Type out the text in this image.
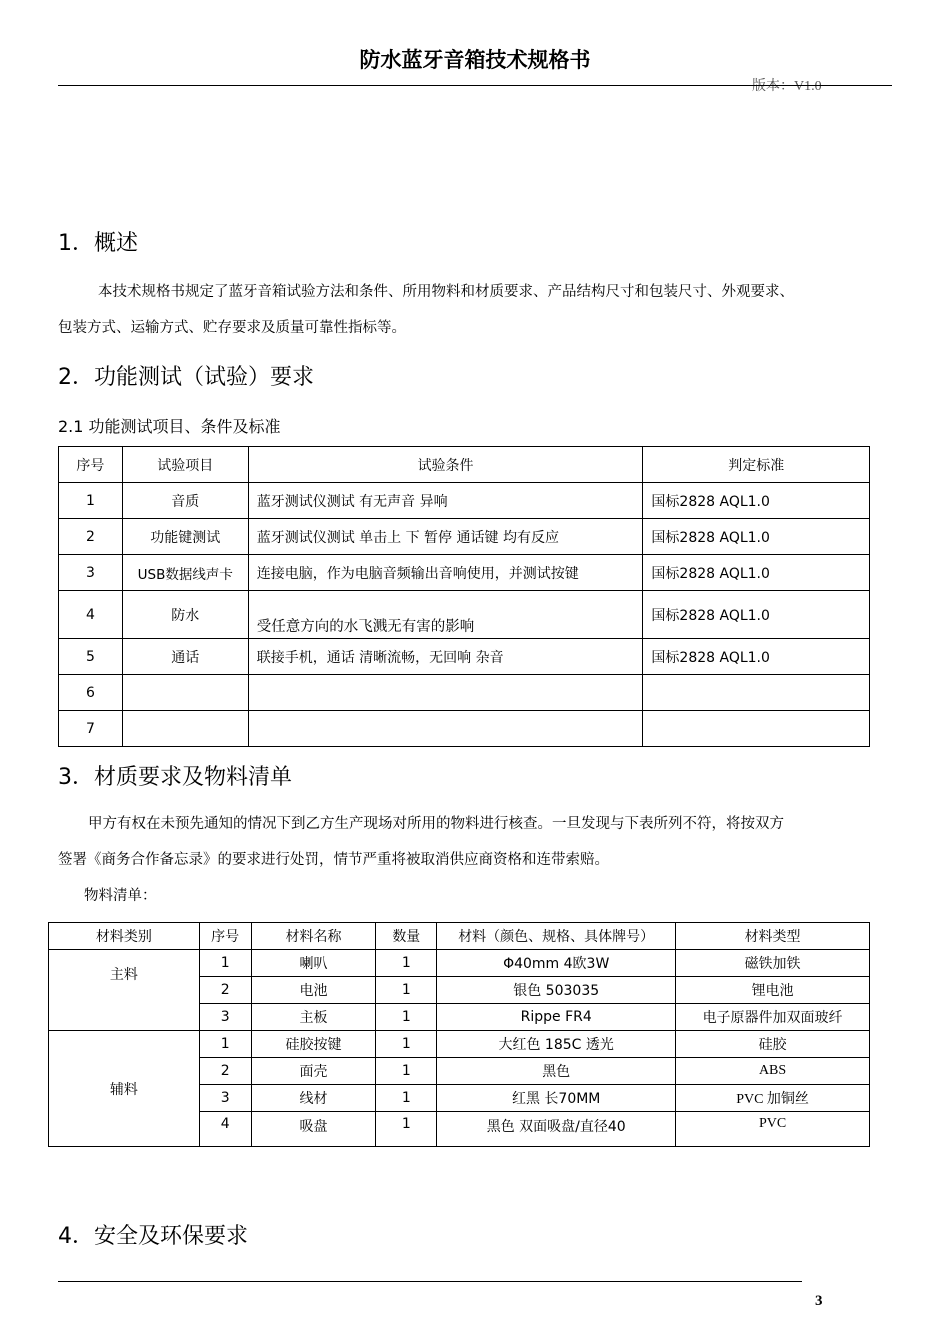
防水蓝牙音箱技术规格书
版本：V1.0
1．概述
本技术规格书规定了蓝牙音箱试验方法和条件、所用物料和材质要求、产品结构尺寸和包装尺寸、外观要求、
包装方式、运输方式、贮存要求及质量可靠性指标等。
2．功能测试（试验）要求
2.1 功能测试项目、条件及标准
序号	试验项目	试验条件	判定标准
1	音质	蓝牙测试仪测试 有无声音 异响	国标2828 AQL1.0
2	功能键测试	蓝牙测试仪测试 单击上 下 暂停 通话键 均有反应	国标2828 AQL1.0
3	USB数据线声卡	连接电脑，作为电脑音频输出音响使用，并测试按键	国标2828 AQL1.0
4	防水	受任意方向的水飞溅无有害的影响	国标2828 AQL1.0
5	通话	联接手机，通话 清晰流畅，无回响 杂音	国标2828 AQL1.0
6			
7			
3．材质要求及物料清单
甲方有权在未预先通知的情况下到乙方生产现场对所用的物料进行核查。一旦发现与下表所列不符，将按双方
签署《商务合作备忘录》的要求进行处罚，情节严重将被取消供应商资格和连带索赔。
物料清单：
材料类别	序号	材料名称	数量	材料（颜色、规格、具体牌号）	材料类型
主料	1	喇叭	1	Φ40mm 4欧3W	磁铁加铁
	2	电池	1	银色 503035	锂电池
	3	主板	1	Rippe FR4	电子原器件加双面玻纤
辅料	1	硅胶按键	1	大红色 185C 透光	硅胶
	2	面壳	1	黑色	ABS
	3	线材	1	红黑 长70MM	PVC 加铜丝
	4	吸盘	1	黑色 双面吸盘/直径40	PVC
4．安全及环保要求
3
